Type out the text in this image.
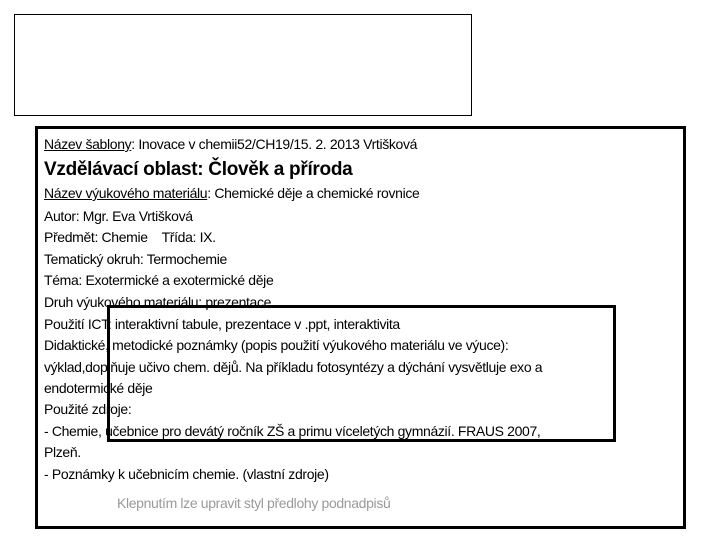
Název šablony: Inovace v chemii52/CH19/15. 2. 2013 Vrtišková
Vzdělávací oblast: Člověk a příroda
Název výukového materiálu: Chemické děje a chemické rovnice
Autor: Mgr. Eva Vrtišková
Předmět: Chemie    Třída: IX.
Tematický okruh: Termochemie
Téma: Exotermické a exotermické děje
Druh výukového materiálu: prezentace
Použití ICT: interaktivní tabule, prezentace v .ppt, interaktivita
Didaktické, metodické poznámky (popis použití výukového materiálu ve výuce):
výklad,doplňuje učivo chem. dějů. Na příkladu fotosyntézy a dýchání vysvětluje exo a
endotermické děje
Použité zdroje:
- Chemie, učebnice pro devátý ročník ZŠ a primu víceletých gymnázií. FRAUS 2007,
Plzeň.
- Poznámky k učebnicím chemie. (vlastní zdroje)
Klepnutím lze upravit styl předlohy podnadpisů
